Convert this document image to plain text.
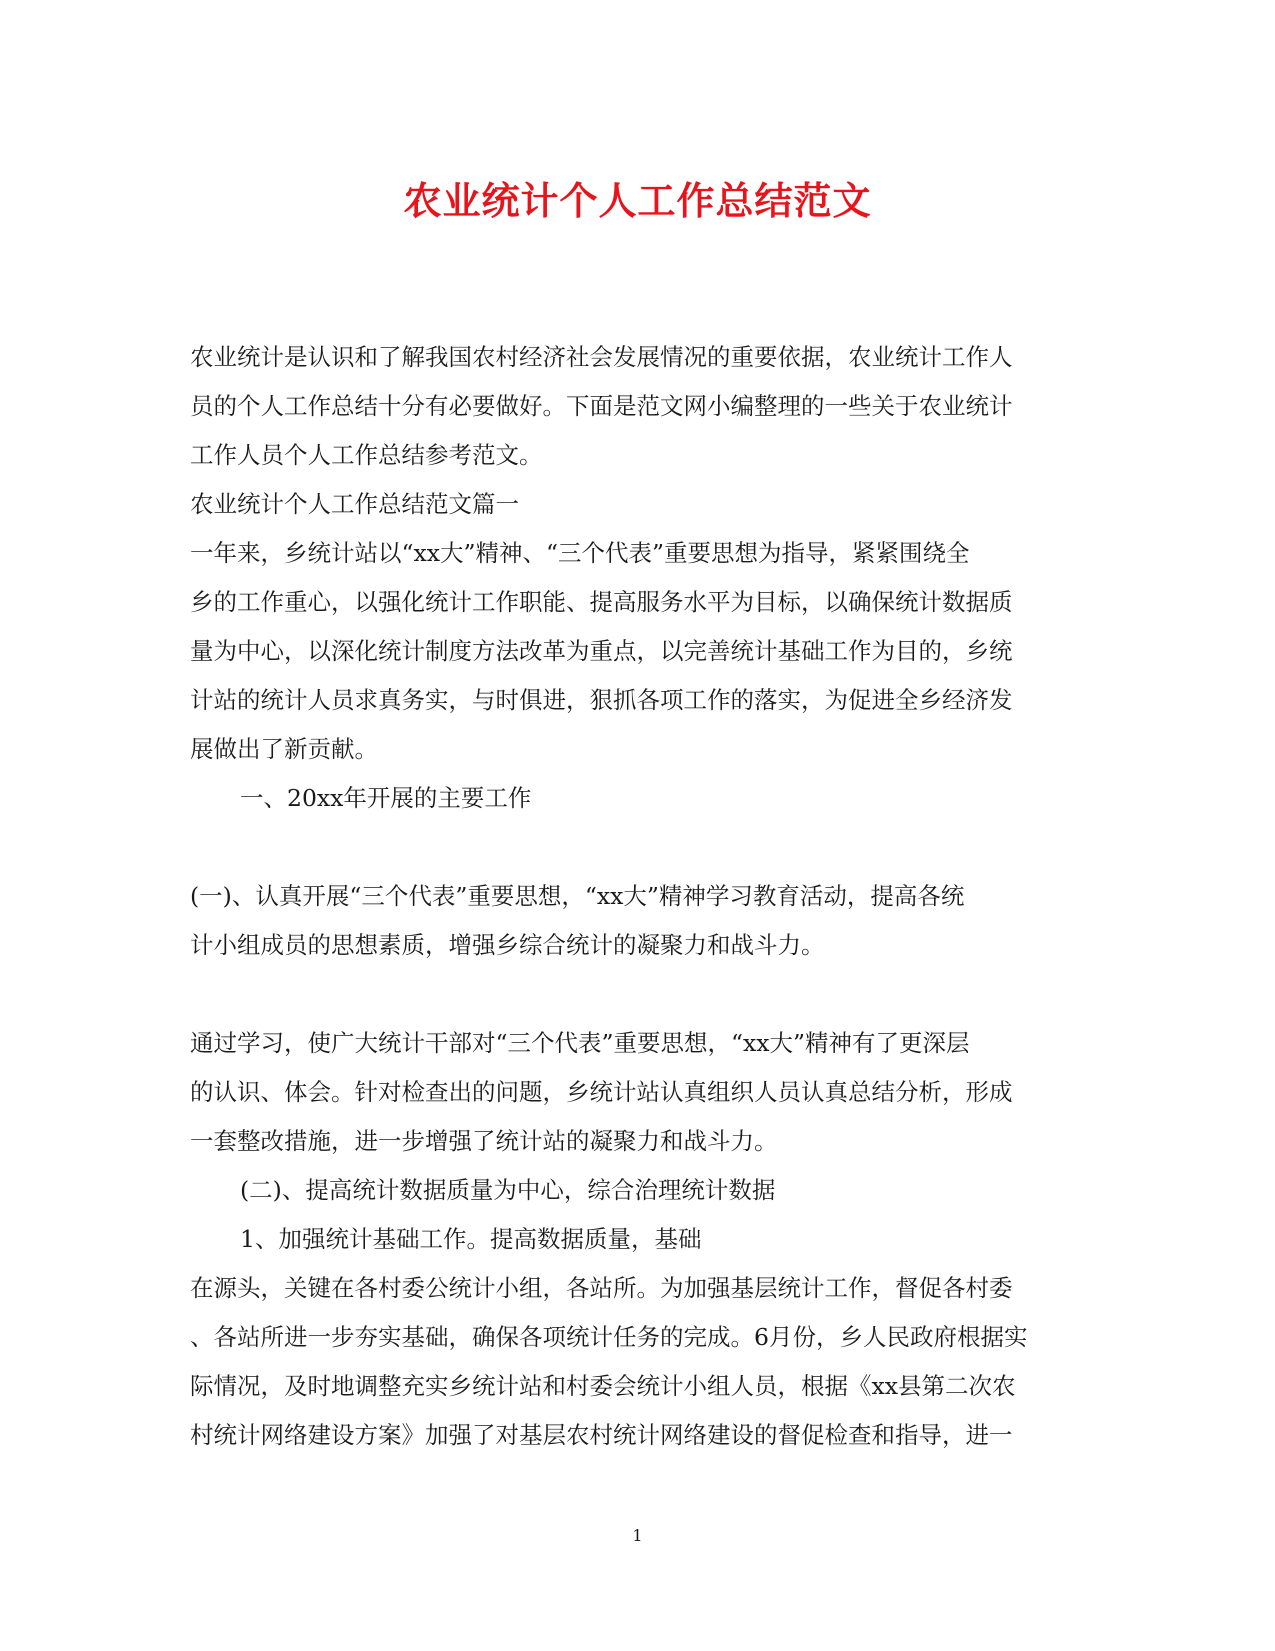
农业统计个人工作总结范文
农业统计是认识和了解我国农村经济社会发展情况的重要依据，农业统计工作人
员的个人工作总结十分有必要做好。下面是范文网小编整理的一些关于农业统计
工作人员个人工作总结参考范文。
农业统计个人工作总结范文篇一
一年来，乡统计站以“xx大”精神、“三个代表”重要思想为指导，紧紧围绕全
乡的工作重心，以强化统计工作职能、提高服务水平为目标，以确保统计数据质
量为中心，以深化统计制度方法改革为重点，以完善统计基础工作为目的，乡统
计站的统计人员求真务实，与时俱进，狠抓各项工作的落实，为促进全乡经济发
展做出了新贡献。
一、20xx年开展的主要工作
(一)、认真开展“三个代表”重要思想，“xx大”精神学习教育活动，提高各统
计小组成员的思想素质，增强乡综合统计的凝聚力和战斗力。
通过学习，使广大统计干部对“三个代表”重要思想，“xx大”精神有了更深层
的认识、体会。针对检查出的问题，乡统计站认真组织人员认真总结分析，形成
一套整改措施，进一步增强了统计站的凝聚力和战斗力。
(二)、提高统计数据质量为中心，综合治理统计数据
1、加强统计基础工作。提高数据质量，基础
在源头，关键在各村委公统计小组，各站所。为加强基层统计工作，督促各村委
、各站所进一步夯实基础，确保各项统计任务的完成。6月份，乡人民政府根据实
际情况，及时地调整充实乡统计站和村委会统计小组人员，根据《xx县第二次农
村统计网络建设方案》加强了对基层农村统计网络建设的督促检查和指导，进一
1
